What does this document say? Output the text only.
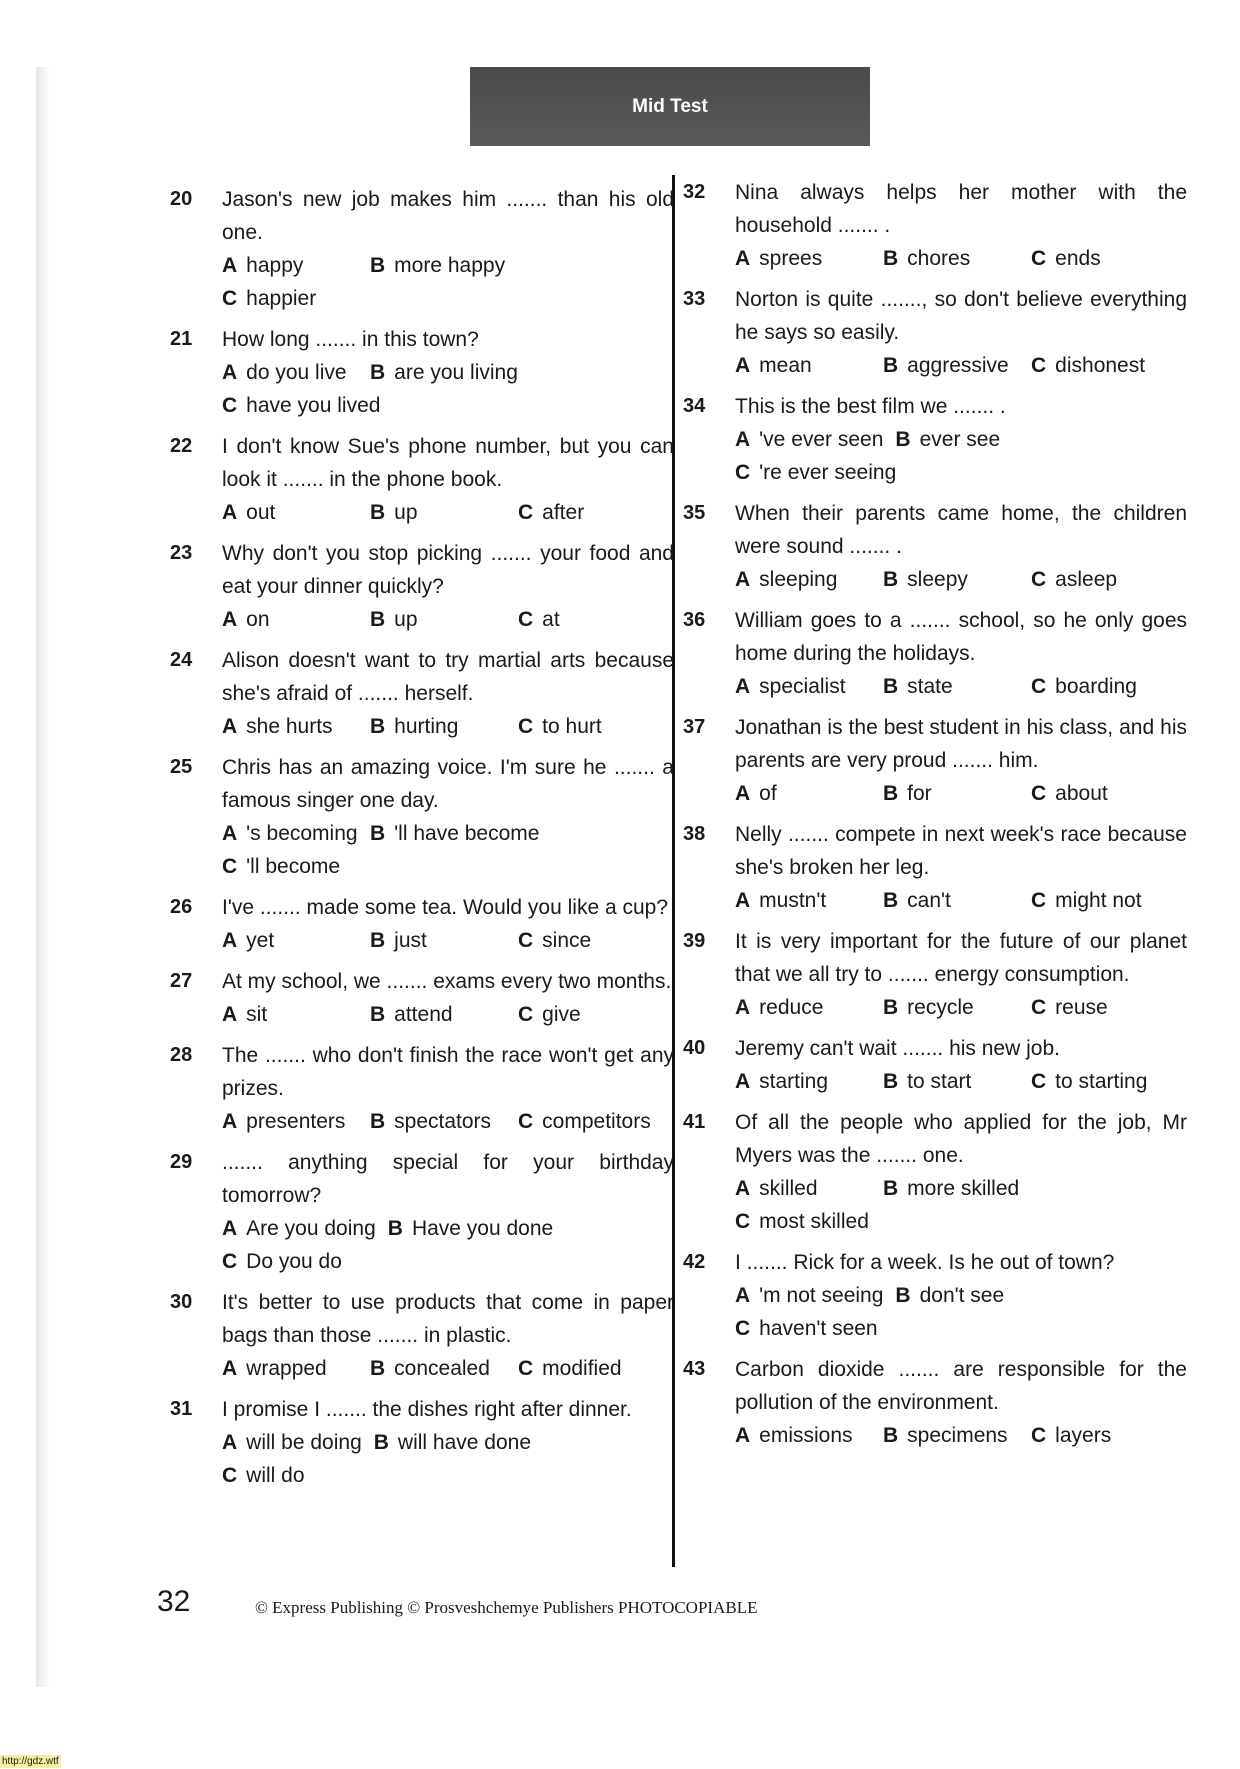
Mid Test
20 Jason's new job makes him ....... than his old one.
A happy	B more happy
C happier
21 How long ....... in this town?
A do you live	B are you living
C have you lived
22 I don't know Sue's phone number, but you can look it ....... in the phone book.
A out	B up	C after
23 Why don't you stop picking ....... your food and eat your dinner quickly?
A on	B up	C at
24 Alison doesn't want to try martial arts because she's afraid of ....... herself.
A she hurts	B hurting	C to hurt
25 Chris has an amazing voice. I'm sure he ....... a famous singer one day.
A 's becoming B 'll have become
C 'll become
26 I've ....... made some tea. Would you like a cup?
A yet	B just	C since
27 At my school, we ....... exams every two months.
A sit	B attend	C give
28 The ....... who don't finish the race won't get any prizes.
A presenters	B spectators	C competitors
29 ....... anything special for your birthday tomorrow?
A Are you doing B Have you done
C Do you do
30 It's better to use products that come in paper bags than those ....... in plastic.
A wrapped	B concealed	C modified
31 I promise I ....... the dishes right after dinner.
A will be doing B will have done
C will do
32 Nina always helps her mother with the household ....... .
A sprees	B chores	C ends
33 Norton is quite ......., so don't believe everything he says so easily.
A mean	B aggressive	C dishonest
34 This is the best film we ....... .
A 've ever seen B ever see
C 're ever seeing
35 When their parents came home, the children were sound ....... .
A sleeping	B sleepy	C asleep
36 William goes to a ....... school, so he only goes home during the holidays.
A specialist	B state	C boarding
37 Jonathan is the best student in his class, and his parents are very proud ....... him.
A of	B for	C about
38 Nelly ....... compete in next week's race because she's broken her leg.
A mustn't	B can't	C might not
39 It is very important for the future of our planet that we all try to ....... energy consumption.
A reduce	B recycle	C reuse
40 Jeremy can't wait ....... his new job.
A starting	B to start	C to starting
41 Of all the people who applied for the job, Mr Myers was the ....... one.
A skilled	B more skilled
C most skilled
42 I ....... Rick for a week. Is he out of town?
A 'm not seeing B don't see
C haven't seen
43 Carbon dioxide ....... are responsible for the pollution of the environment.
A emissions	B specimens	C layers
32	© Express Publishing © Prosveshchemye Publishers PHOTOCOPIABLE
http://gdz.wtf
